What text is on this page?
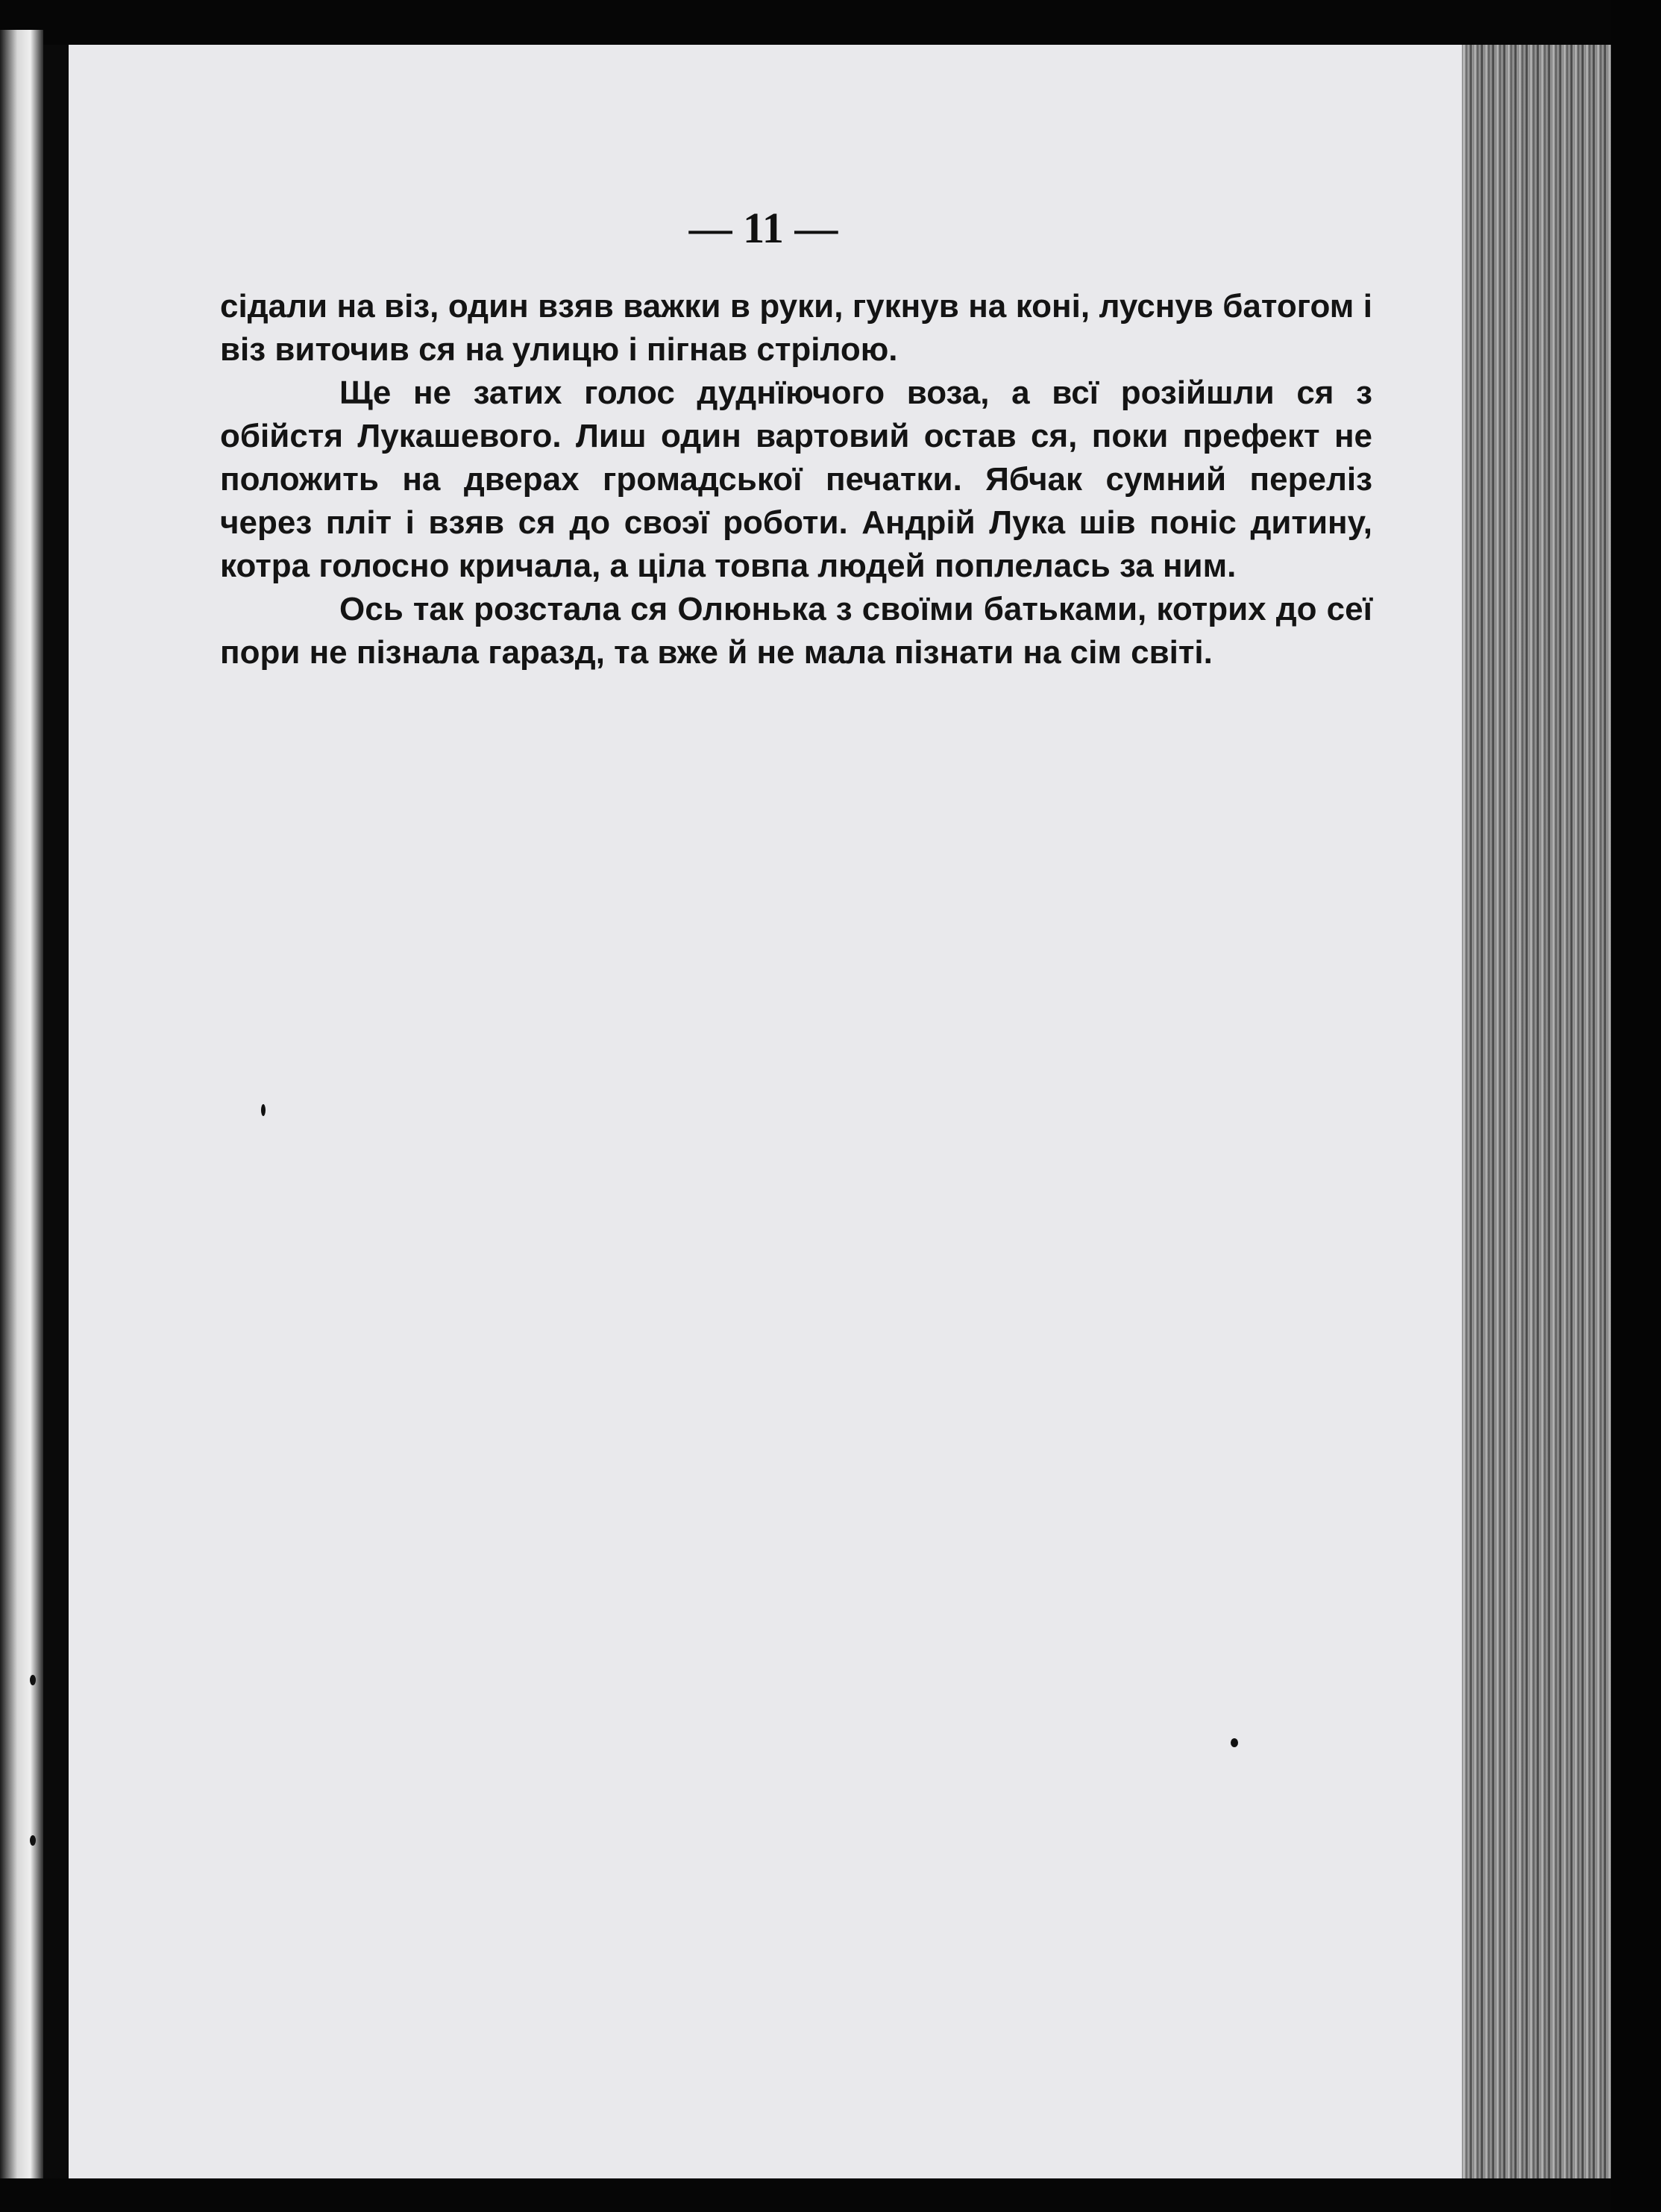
— 11 —

сідали на віз, один взяв важки в руки, гукнув на коні, луснув батогом і віз виточив ся на улицю і пігнав стрілою.

Ще не затих голос дуднїючого воза, а всї розійшли ся з обійстя Лукашевого. Лиш один вартовий остав ся, поки префект не положить на дверах громадської печатки. Ябчак сумний переліз через пліт і взяв ся до своэї роботи. Андрій Лука шів поніс дитину, котра голосно кричала, а ціла товпа людей поплелась за ним.

Ось так розстала ся Олюнька з своїми батьками, котрих до сеї пори не пізнала гаразд, та вже й не мала пізнати на сім світі.
